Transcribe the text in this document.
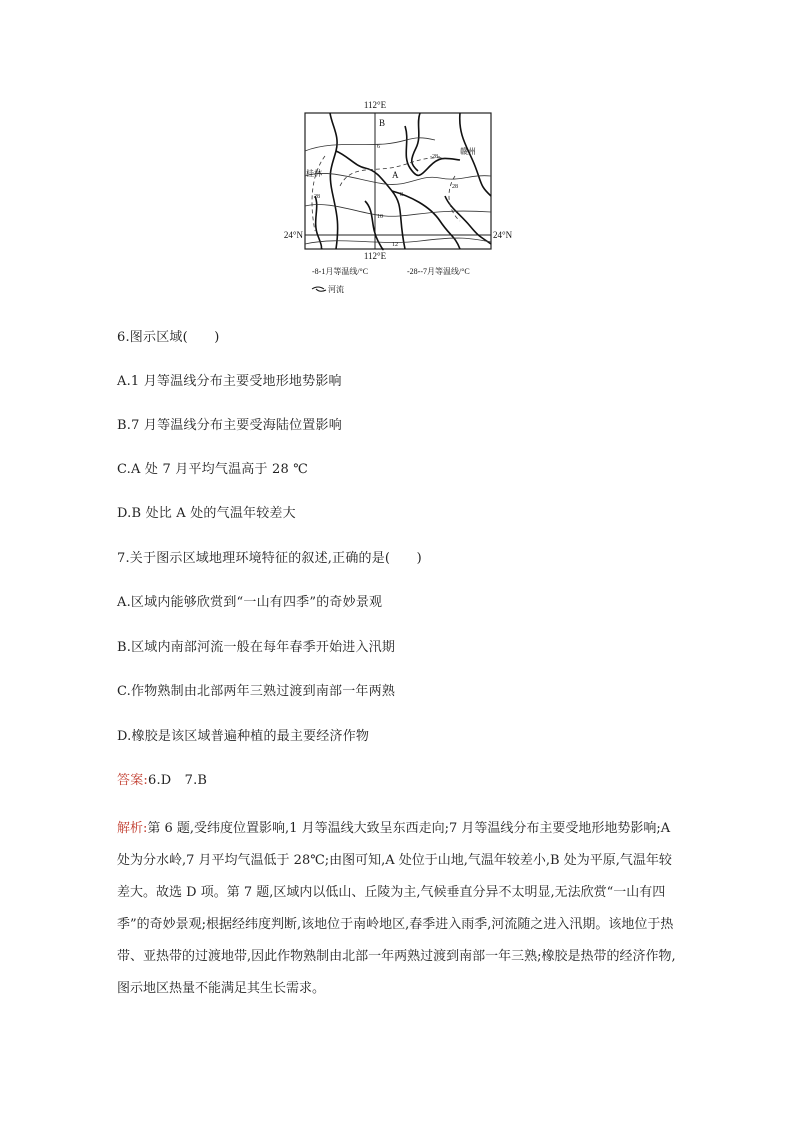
112°E
112°E
24°N	24°N
B
A
赣州
桂林
6
8
10
12
-28-
28
28
-8-1月等温线/°C	-28--7月等温线/°C
河流
6.图示区域(　　)
A.1 月等温线分布主要受地形地势影响
B.7 月等温线分布主要受海陆位置影响
C.A 处 7 月平均气温高于 28 ℃
D.B 处比 A 处的气温年较差大
7.关于图示区域地理环境特征的叙述,正确的是(　　)
A.区域内能够欣赏到“一山有四季”的奇妙景观
B.区域内南部河流一般在每年春季开始进入汛期
C.作物熟制由北部两年三熟过渡到南部一年两熟
D.橡胶是该区域普遍种植的最主要经济作物
答案:6.D　7.B
解析:第 6 题,受纬度位置影响,1 月等温线大致呈东西走向;7 月等温线分布主要受地形地势影响;A 处为分水岭,7 月平均气温低于 28℃;由图可知,A 处位于山地,气温年较差小,B 处为平原,气温年较差大。故选 D 项。第 7 题,区域内以低山、丘陵为主,气候垂直分异不太明显,无法欣赏“一山有四季”的奇妙景观;根据经纬度判断,该地位于南岭地区,春季进入雨季,河流随之进入汛期。该地位于热带、亚热带的过渡地带,因此作物熟制由北部一年两熟过渡到南部一年三熟;橡胶是热带的经济作物,图示地区热量不能满足其生长需求。
